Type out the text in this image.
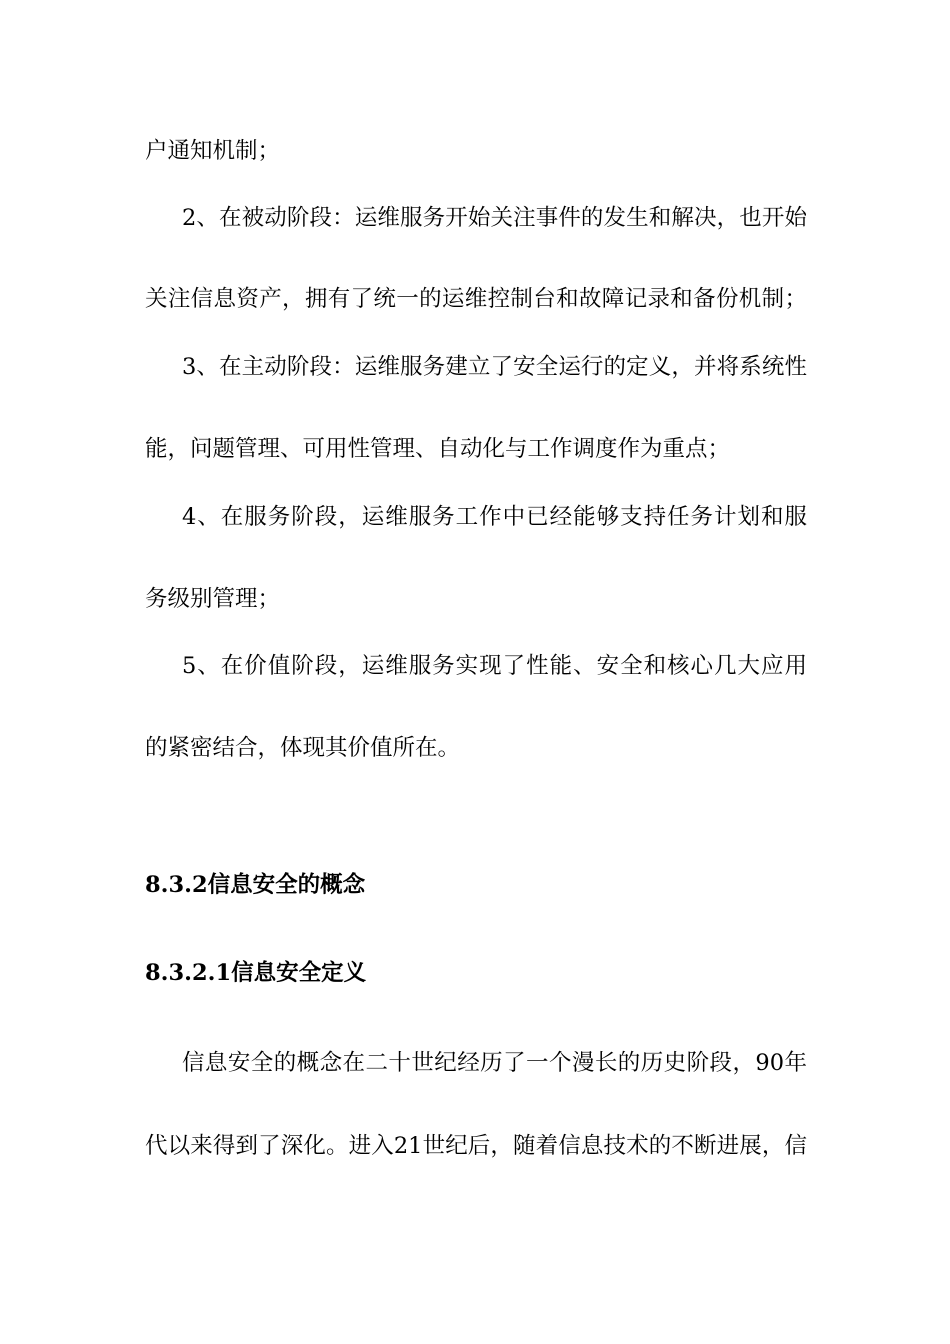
户通知机制；
2、在被动阶段：运维服务开始关注事件的发生和解决，也开始
关注信息资产，拥有了统一的运维控制台和故障记录和备份机制；
3、在主动阶段：运维服务建立了安全运行的定义，并将系统性
能，问题管理、可用性管理、自动化与工作调度作为重点；
4、在服务阶段，运维服务工作中已经能够支持任务计划和服
务级别管理；
5、在价值阶段，运维服务实现了性能、安全和核心几大应用
的紧密结合，体现其价值所在。
8.3.2信息安全的概念
8.3.2.1信息安全定义
信息安全的概念在二十世纪经历了一个漫长的历史阶段，90年
代以来得到了深化。进入21世纪后，随着信息技术的不断进展，信
